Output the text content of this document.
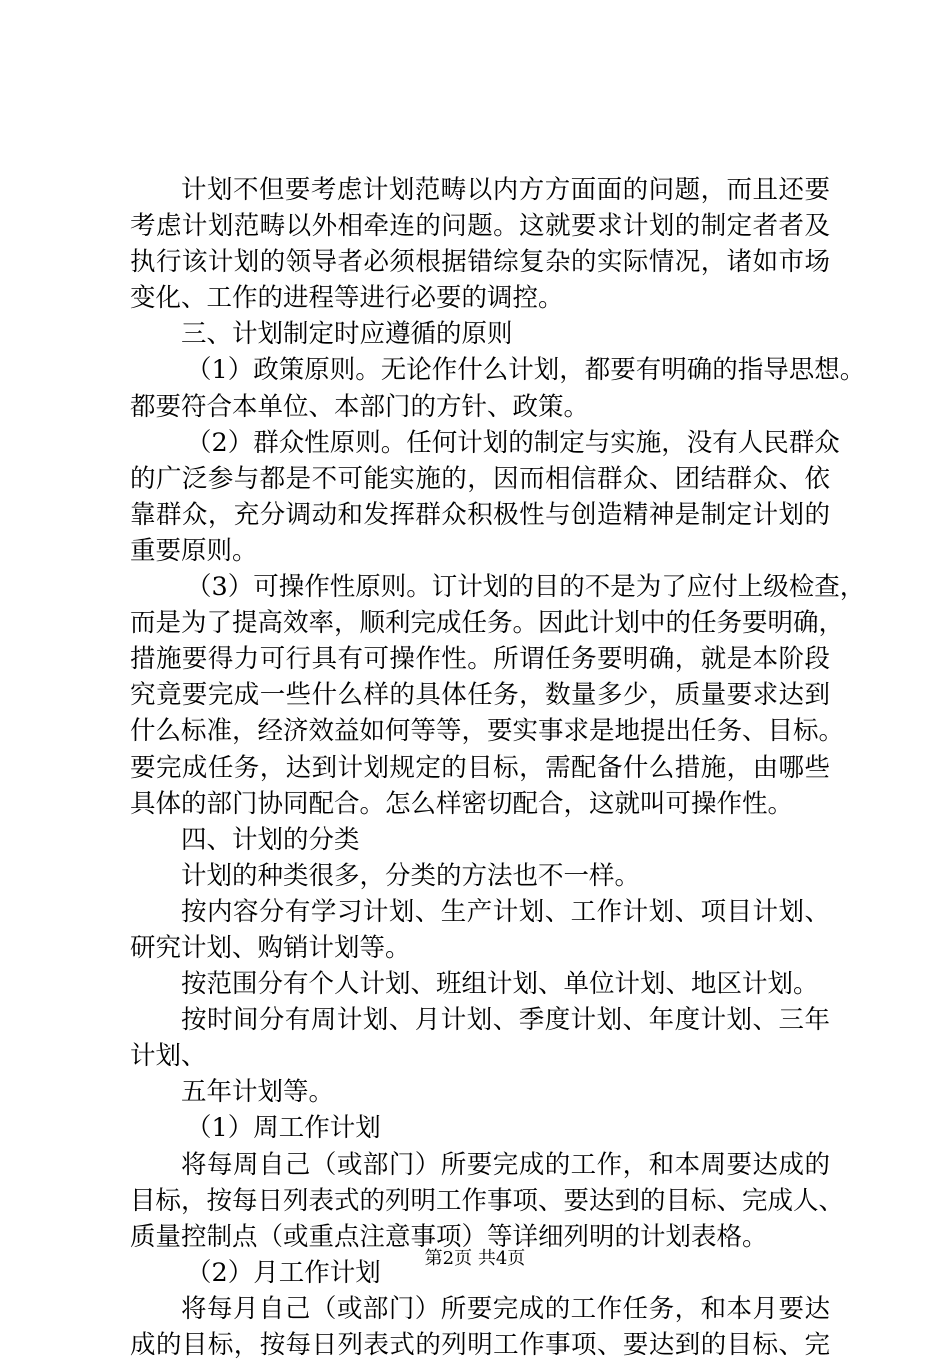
计划不但要考虑计划范畴以内方方面面的问题，而且还要
考虑计划范畴以外相牵连的问题。这就要求计划的制定者者及
执行该计划的领导者必须根据错综复杂的实际情况，诸如市场
变化、工作的进程等进行必要的调控。
三、计划制定时应遵循的原则
（1）政策原则。无论作什么计划，都要有明确的指导思想。
都要符合本单位、本部门的方针、政策。
（2）群众性原则。任何计划的制定与实施，没有人民群众
的广泛参与都是不可能实施的，因而相信群众、团结群众、依
靠群众，充分调动和发挥群众积极性与创造精神是制定计划的
重要原则。
（3）可操作性原则。订计划的目的不是为了应付上级检查，
而是为了提高效率，顺利完成任务。因此计划中的任务要明确，
措施要得力可行具有可操作性。所谓任务要明确，就是本阶段
究竟要完成一些什么样的具体任务，数量多少，质量要求达到
什么标准，经济效益如何等等，要实事求是地提出任务、目标。
要完成任务，达到计划规定的目标，需配备什么措施，由哪些
具体的部门协同配合。怎么样密切配合，这就叫可操作性。
四、计划的分类
计划的种类很多，分类的方法也不一样。
按内容分有学习计划、生产计划、工作计划、项目计划、
研究计划、购销计划等。
按范围分有个人计划、班组计划、单位计划、地区计划。
按时间分有周计划、月计划、季度计划、年度计划、三年
计划、
五年计划等。
（1）周工作计划
将每周自己（或部门）所要完成的工作，和本周要达成的
目标，按每日列表式的列明工作事项、要达到的目标、完成人、
质量控制点（或重点注意事项）等详细列明的计划表格。
（2）月工作计划
将每月自己（或部门）所要完成的工作任务，和本月要达
成的目标，按每日列表式的列明工作事项、要达到的目标、完
第2页 共4页
